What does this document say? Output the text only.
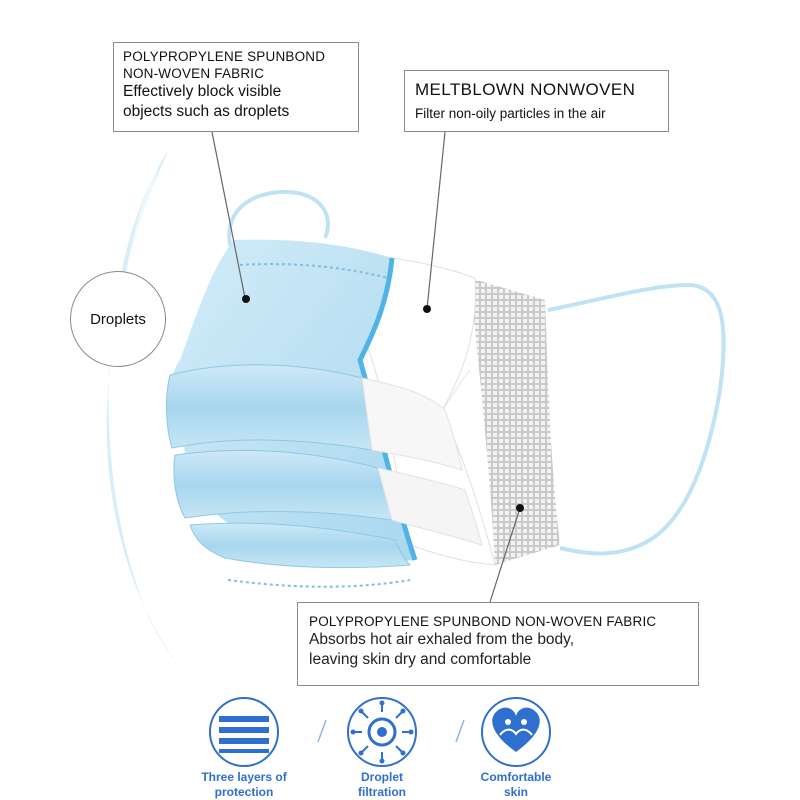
Droplets
POLYPROPYLENE SPUNBOND
NON-WOVEN FABRIC
Effectively block visible
objects such as droplets
MELTBLOWN NONWOVEN
Filter non-oily particles in the air
POLYPROPYLENE SPUNBOND NON-WOVEN FABRIC
Absorbs hot air exhaled from the body,
leaving skin dry and comfortable
Three layers of
protection
Droplet
filtration
Comfortable
skin
